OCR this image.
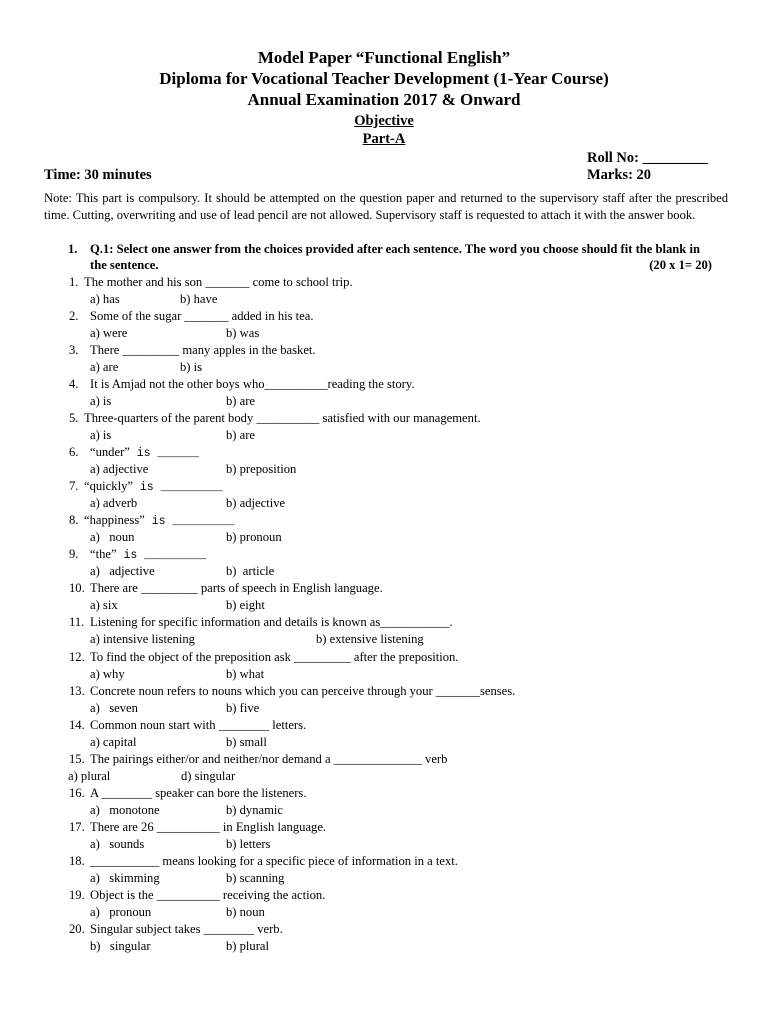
Model Paper “Functional English”
Diploma for Vocational Teacher Development (1-Year Course)
Annual Examination 2017 & Onward
Objective
Part-A
Roll No: _________
Time: 30 minutes	Marks: 20
Note: This part is compulsory. It should be attempted on the question paper and returned to the supervisory staff after the prescribed time. Cutting, overwriting and use of lead pencil are not allowed. Supervisory staff is requested to attach it with the answer book.
1. Q.1: Select one answer from the choices provided after each sentence. The word you choose should fit the blank in the sentence.	(20 x 1= 20)
1. The mother and his son _______ come to school trip.
a) has	b) have
2. Some of the sugar _______ added in his tea.
a) were	b) was
3. There _________ many apples in the basket.
a) are	b) is
4. It is Amjad not the other boys who__________reading the story.
a) is	b) are
5. Three-quarters of the parent body __________ satisfied with our management.
a) is	b) are
6. “under” is ______
a) adjective	b) preposition
7. “quickly” is _________
a) adverb	b) adjective
8. “happiness” is _________
a)   noun	b) pronoun
9. “the” is _________
a)   adjective	b)  article
10. There are _________ parts of speech in English language.
a) six	b) eight
11. Listening for specific information and details is known as___________.
a) intensive listening	b) extensive listening
12. To find the object of the preposition ask _________ after the preposition.
a) why	b) what
13. Concrete noun refers to nouns which you can perceive through your _______senses.
a)   seven	b) five
14. Common noun start with ________ letters.
a) capital	b) small
15. The pairings either/or and neither/nor demand a ______________ verb
a) plural	d) singular
16. A ________ speaker can bore the listeners.
a)   monotone	b) dynamic
17. There are 26 __________ in English language.
a)   sounds	b) letters
18. ___________ means looking for a specific piece of information in a text.
a)   skimming	b) scanning
19. Object is the __________ receiving the action.
a)   pronoun	b) noun
20. Singular subject takes ________ verb.
b)   singular	b) plural
